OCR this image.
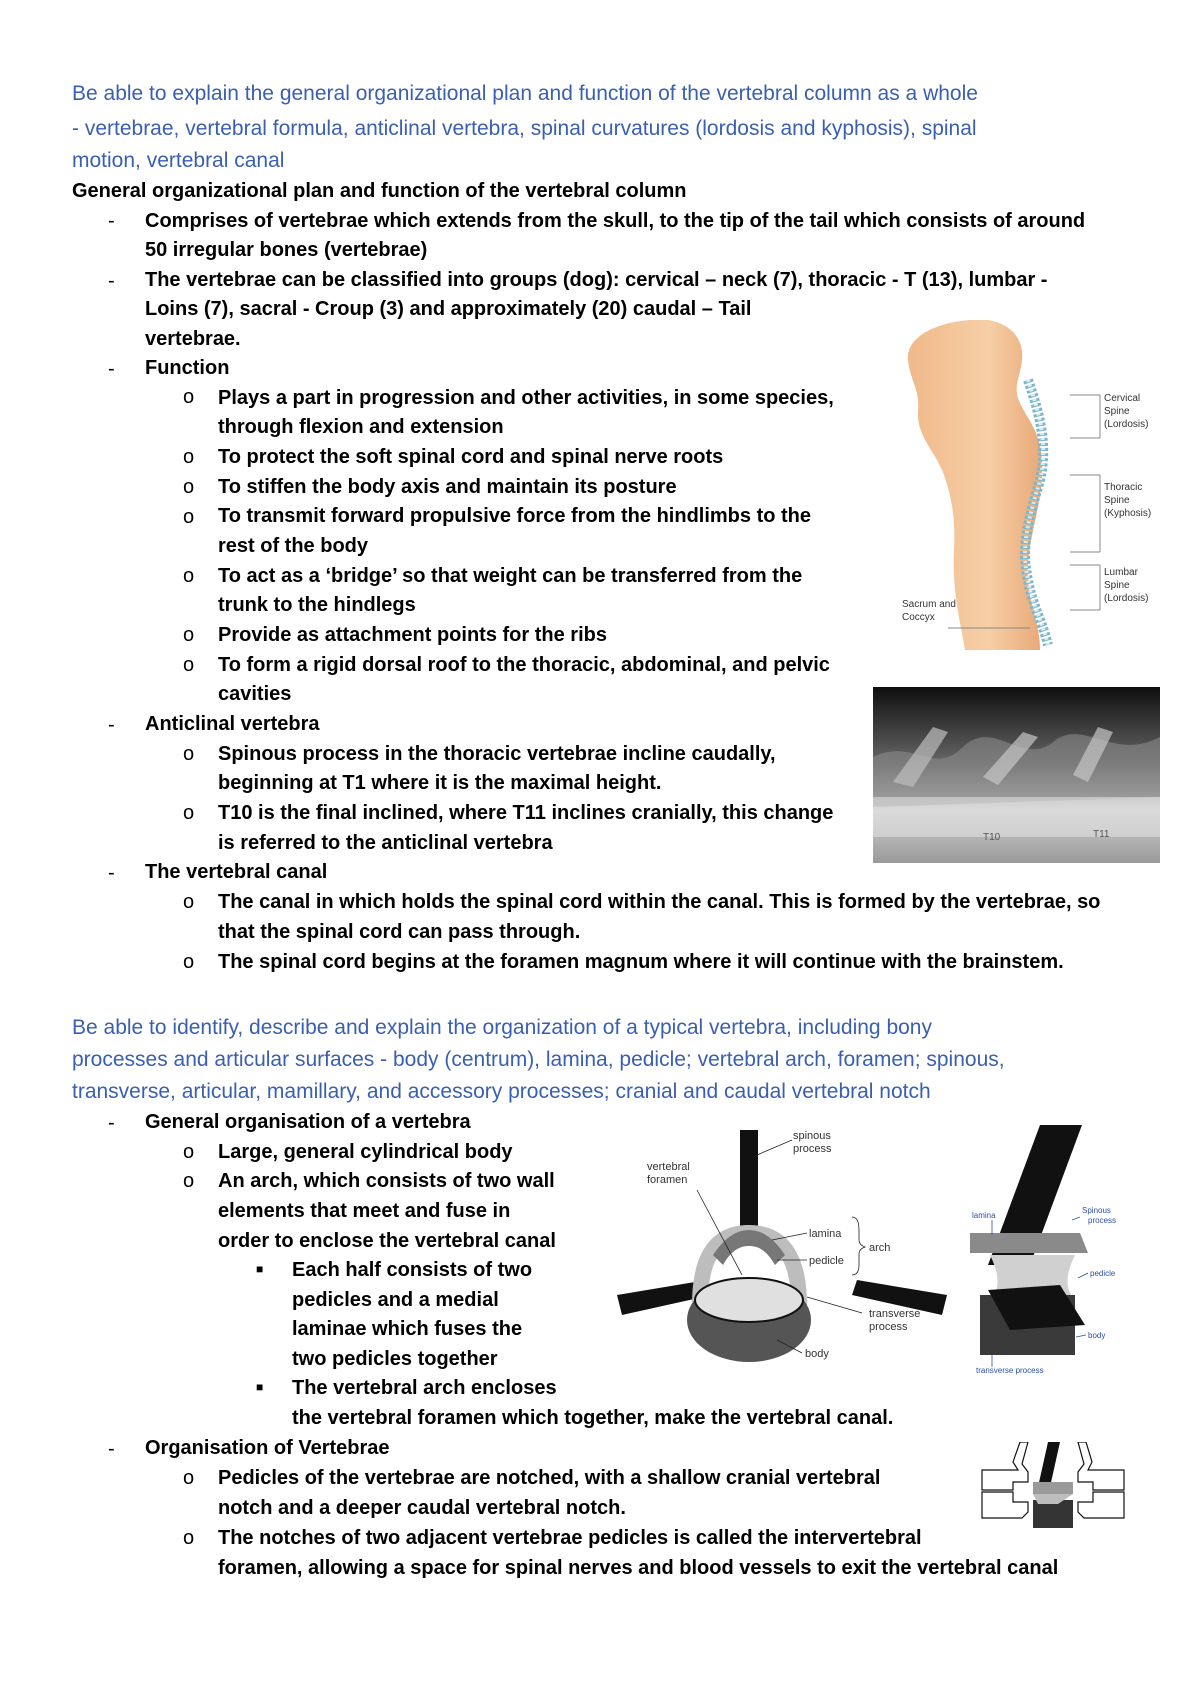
Be able to explain the general organizational plan and function of the vertebral column as a whole
- vertebrae, vertebral formula, anticlinal vertebra, spinal curvatures (lordosis and kyphosis), spinal
motion, vertebral canal
General organizational plan and function of the vertebral column
- Comprises of vertebrae which extends from the skull, to the tip of the tail which consists of around
50 irregular bones (vertebrae)
- The vertebrae can be classified into groups (dog): cervical – neck (7), thoracic - T (13), lumbar -
Loins (7), sacral - Croup (3) and approximately (20) caudal – Tail
vertebrae.
- Function
o Plays a part in progression and other activities, in some species,
through flexion and extension
o To protect the soft spinal cord and spinal nerve roots
o To stiffen the body axis and maintain its posture
o To transmit forward propulsive force from the hindlimbs to the
rest of the body
o To act as a ‘bridge’ so that weight can be transferred from the
trunk to the hindlegs
o Provide as attachment points for the ribs
o To form a rigid dorsal roof to the thoracic, abdominal, and pelvic
cavities
- Anticlinal vertebra
o Spinous process in the thoracic vertebrae incline caudally,
beginning at T1 where it is the maximal height.
o T10 is the final inclined, where T11 inclines cranially, this change
is referred to the anticlinal vertebra
- The vertebral canal
o The canal in which holds the spinal cord within the canal. This is formed by the vertebrae, so
that the spinal cord can pass through.
o The spinal cord begins at the foramen magnum where it will continue with the brainstem.
Cervical
Spine
(Lordosis)
Thoracic
Spine
(Kyphosis)
Lumbar
Spine
(Lordosis)
Sacrum and
Coccyx
T10	T11
Be able to identify, describe and explain the organization of a typical vertebra, including bony
processes and articular surfaces - body (centrum), lamina, pedicle; vertebral arch, foramen; spinous,
transverse, articular, mamillary, and accessory processes; cranial and caudal vertebral notch
- General organisation of a vertebra
o Large, general cylindrical body
o An arch, which consists of two wall
elements that meet and fuse in
order to enclose the vertebral canal
■ Each half consists of two
pedicles and a medial
laminae which fuses the
two pedicles together
■ The vertebral arch encloses
the vertebral foramen which together, make the vertebral canal.
- Organisation of Vertebrae
o Pedicles of the vertebrae are notched, with a shallow cranial vertebral
notch and a deeper caudal vertebral notch.
o The notches of two adjacent vertebrae pedicles is called the intervertebral
foramen, allowing a space for spinal nerves and blood vessels to exit the vertebral canal
spinous
process
vertebral
foramen
lamina
pedicle
arch
transverse
process
body
lamina
Spinous
process
pedicle
body
transverse process
